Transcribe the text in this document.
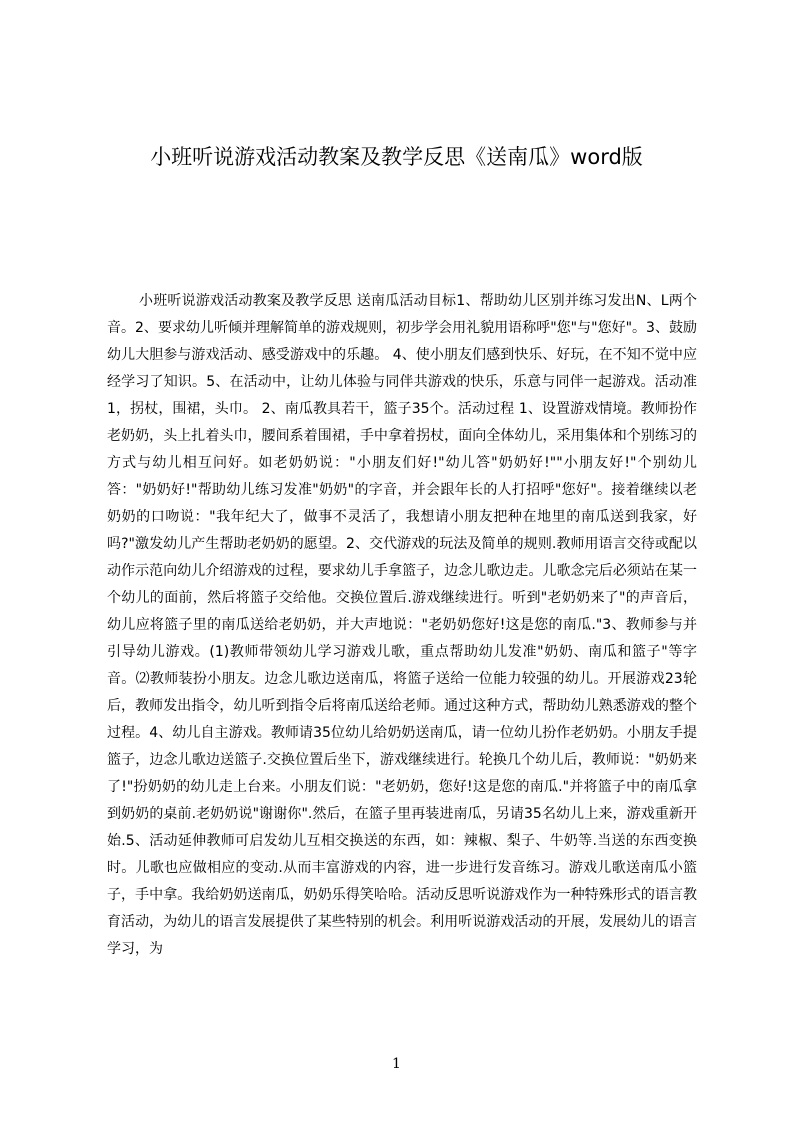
小班听说游戏活动教案及教学反思《送南瓜》word版
小班听说游戏活动教案及教学反思 送南瓜活动目标1、帮助幼儿区别并练习发出N、L两个音。2、要求幼儿听倾并理解简单的游戏规则，初步学会用礼貌用语称呼"您"与"您好"。3、鼓励幼儿大胆参与游戏活动、感受游戏中的乐趣。 4、使小朋友们感到快乐、好玩，在不知不觉中应经学习了知识。5、在活动中，让幼儿体验与同伴共游戏的快乐，乐意与同伴一起游戏。活动准1，拐杖，围裙，头巾。 2、南瓜教具若干，篮子35个。活动过程 1、设置游戏情境。教师扮作老奶奶，头上扎着头巾，腰间系着围裙，手中拿着拐杖，面向全体幼儿，采用集体和个别练习的方式与幼儿相互问好。如老奶奶说："小朋友们好!"幼儿答"奶奶好!""小朋友好!"个别幼儿答："奶奶好!"帮助幼儿练习发准"奶奶"的字音，并会跟年长的人打招呼"您好"。接着继续以老奶奶的口吻说："我年纪大了，做事不灵活了，我想请小朋友把种在地里的南瓜送到我家，好吗?"激发幼儿产生帮助老奶奶的愿望。2、交代游戏的玩法及简单的规则.教师用语言交待或配以动作示范向幼儿介绍游戏的过程，要求幼儿手拿篮子，边念儿歌边走。儿歌念完后必须站在某一个幼儿的面前，然后将篮子交给他。交换位置后.游戏继续进行。听到"老奶奶来了"的声音后，幼儿应将篮子里的南瓜送给老奶奶，并大声地说："老奶奶您好!这是您的南瓜."3、教师参与并引导幼儿游戏。(1)教师带领幼儿学习游戏儿歌，重点帮助幼儿发准"奶奶、南瓜和篮子"等字音。⑵教师装扮小朋友。边念儿歌边送南瓜，将篮子送给一位能力较强的幼儿。开展游戏23轮后，教师发出指令，幼儿听到指令后将南瓜送给老师。通过这种方式，帮助幼儿熟悉游戏的整个过程。4、幼儿自主游戏。教师请35位幼儿给奶奶送南瓜，请一位幼儿扮作老奶奶。小朋友手提篮子，边念儿歌边送篮子.交换位置后坐下，游戏继续进行。轮换几个幼儿后，教师说："奶奶来了!"扮奶奶的幼儿走上台来。小朋友们说："老奶奶，您好!这是您的南瓜."并将篮子中的南瓜拿到奶奶的桌前.老奶奶说"谢谢你".然后，在篮子里再装进南瓜，另请35名幼儿上来，游戏重新开始.5、活动延伸教师可启发幼儿互相交换送的东西，如：辣椒、梨子、牛奶等.当送的东西变换时。儿歌也应做相应的变动.从而丰富游戏的内容，进一步进行发音练习。游戏儿歌送南瓜小篮子，手中拿。我给奶奶送南瓜，奶奶乐得笑哈哈。活动反思听说游戏作为一种特殊形式的语言教育活动，为幼儿的语言发展提供了某些特别的机会。利用听说游戏活动的开展，发展幼儿的语言学习，为
1
